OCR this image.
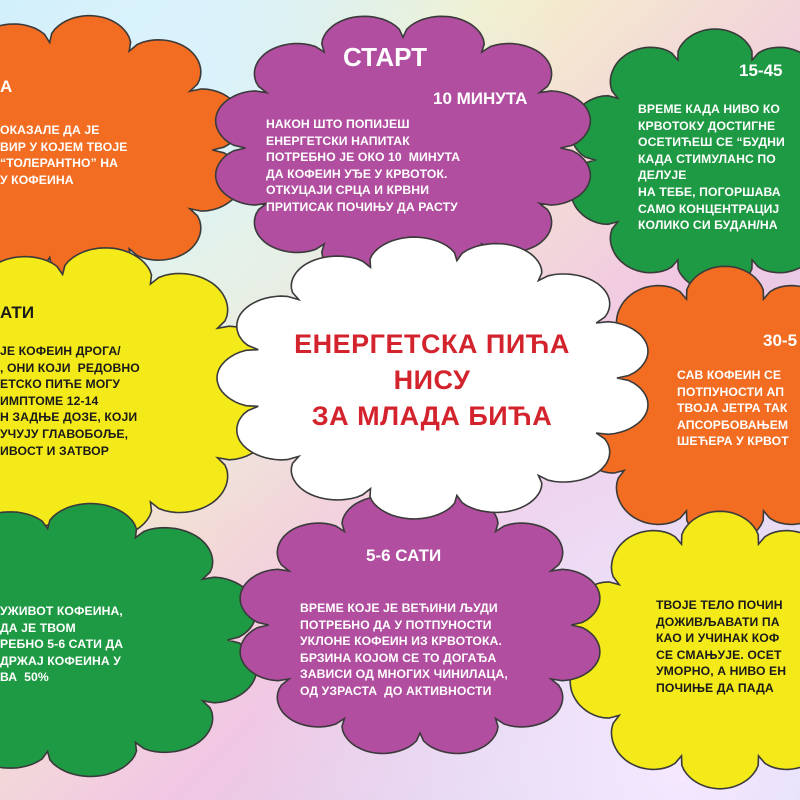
ЕНЕРГЕТСКА ПИЋА
НИСУ
ЗА МЛАДА БИЋА
СТАРТ
10 МИНУТА
НАКОН ШТО ПОПИЈЕШ
ЕНЕРГЕТСКИ НАПИТАК
ПОТРЕБНО ЈЕ ОКО 10  МИНУТА
ДА КОФЕИН УЂЕ У КРВОТОК.
ОТКУЦАЈИ СРЦА И КРВНИ
ПРИТИСАК ПОЧИЊУ ДА РАСТУ
15-45
ВРЕМЕ КАДА НИВО КО
КРВОТОКУ ДОСТИГНЕ
ОСЕТИЋЕШ СЕ “БУДНИ
КАДА СТИМУЛАНС ПО
ДЕЛУЈЕ
НА ТЕБЕ, ПОГОРШАВА
САМО КОНЦЕНТРАЦИЈ
КОЛИКО СИ БУДАН/НА
30-5
САВ КОФЕИН СЕ
ПОТПУНОСТИ АП
ТВОЈА ЈЕТРА ТАК
АПСОРБОВАЊЕМ
ШЕЋЕРА У КРВОТ
ТВОЈЕ ТЕЛО ПОЧИН
ДОЖИВЉАВАТИ ПА
КАО И УЧИНАК КОФ
СЕ СМАЊУЈЕ. ОСЕТ
УМОРНО, А НИВО ЕН
ПОЧИЊЕ ДА ПАДА
5-6 САТИ
ВРЕМЕ КОЈЕ ЈЕ ВЕЋИНИ ЉУДИ
ПОТРЕБНО ДА У ПОТПУНОСТИ
УКЛОНЕ КОФЕИН ИЗ КРВОТОКА.
БРЗИНА КОЈОМ СЕ ТО ДОГАЂА
ЗАВИСИ ОД МНОГИХ ЧИНИЛАЦА,
ОД УЗРАСТА  ДО АКТИВНОСТИ
УЖИВОТ КОФЕИНА,
ДА ЈЕ ТВОМ
РЕБНО 5-6 САТИ ДА
ДРЖАЈ КОФЕИНА У
ВА  50%
АТИ
ЈЕ КОФЕИН ДРОГА/
, ОНИ КОЈИ  РЕДОВНО
ЕТСКО ПИЋЕ МОГУ
ИМПТОМЕ 12-14
Н ЗАДЊЕ ДОЗЕ, КОЈИ
УЧУЈУ ГЛАВОБОЉЕ,
ИВОСТ И ЗАТВОР
А
ОКАЗАЛЕ ДА ЈЕ
ВИР У КОЈЕМ ТВОЈЕ
“ТОЛЕРАНТНО” НА
У КОФЕИНА
